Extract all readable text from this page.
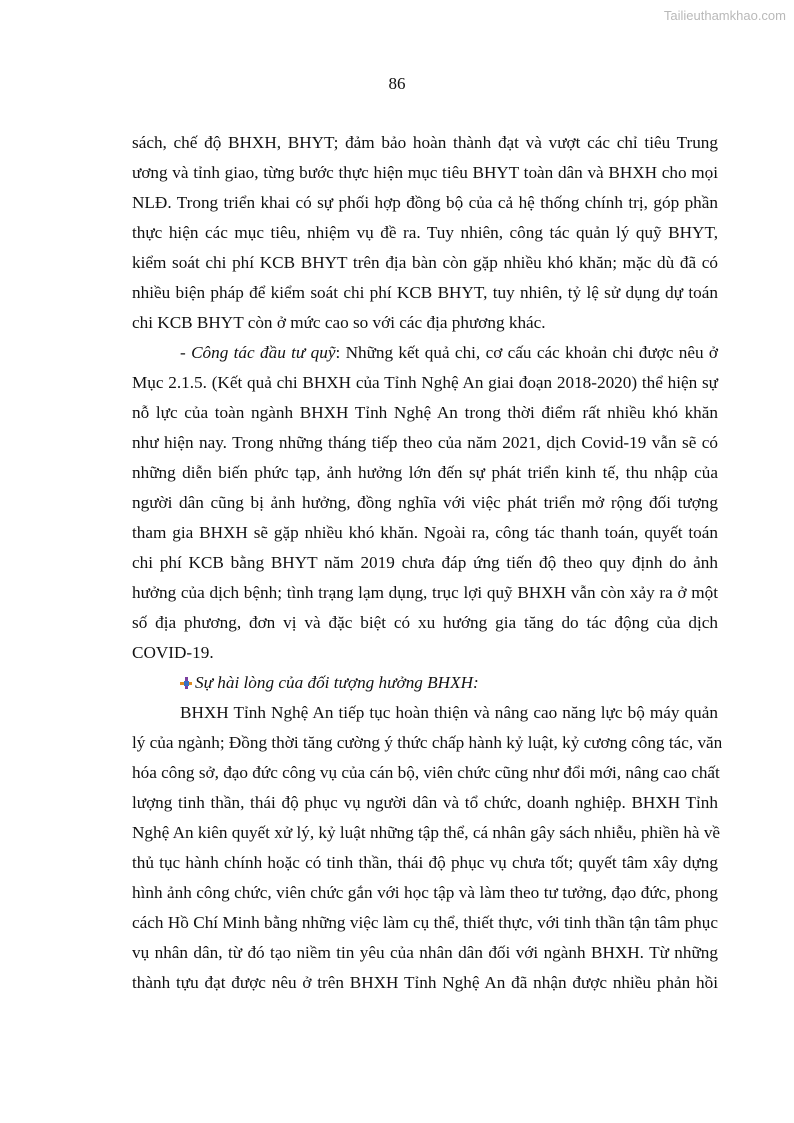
Tailieuthamkhao.com
86
sách, chế độ BHXH, BHYT; đảm bảo hoàn thành đạt và vượt các chỉ tiêu Trung
ương và tỉnh giao, từng bước thực hiện mục tiêu BHYT toàn dân và BHXH cho mọi
NLĐ. Trong triển khai có sự phối hợp đồng bộ của cả hệ thống chính trị, góp phần
thực hiện các mục tiêu, nhiệm vụ đề ra. Tuy nhiên, công tác quản lý quỹ BHYT,
kiểm soát chi phí KCB BHYT trên địa bàn còn gặp nhiều khó khăn; mặc dù đã có
nhiều biện pháp để kiểm soát chi phí KCB BHYT, tuy nhiên, tỷ lệ sử dụng dự toán
chi KCB BHYT còn ở mức cao so với các địa phương khác.
- Công tác đầu tư quỹ: Những kết quả chi, cơ cấu các khoản chi được nêu ở
Mục 2.1.5. (Kết quả chi BHXH của Tỉnh Nghệ An giai đoạn 2018-2020) thể hiện sự
nỗ lực của toàn ngành BHXH Tỉnh Nghệ An trong thời điểm rất nhiều khó khăn
như hiện nay. Trong những tháng tiếp theo của năm 2021, dịch Covid-19 vẫn sẽ có
những diễn biến phức tạp, ảnh hưởng lớn đến sự phát triển kinh tế, thu nhập của
người dân cũng bị ảnh hưởng, đồng nghĩa với việc phát triển mở rộng đối tượng
tham gia BHXH sẽ gặp nhiều khó khăn. Ngoài ra, công tác thanh toán, quyết toán
chi phí KCB bằng BHYT năm 2019 chưa đáp ứng tiến độ theo quy định do ảnh
hưởng của dịch bệnh; tình trạng lạm dụng, trục lợi quỹ BHXH vẫn còn xảy ra ở một
số địa phương, đơn vị và đặc biệt có xu hướng gia tăng do tác động của dịch
COVID-19.
Sự hài lòng của đối tượng hưởng BHXH:
BHXH Tỉnh Nghệ An tiếp tục hoàn thiện và nâng cao năng lực bộ máy quản
lý của ngành; Đồng thời tăng cường ý thức chấp hành kỷ luật, kỷ cương công tác, văn
hóa công sở, đạo đức công vụ của cán bộ, viên chức cũng như đổi mới, nâng cao chất
lượng tinh thần, thái độ phục vụ người dân và tổ chức, doanh nghiệp. BHXH Tỉnh
Nghệ An kiên quyết xử lý, kỷ luật những tập thể, cá nhân gây sách nhiễu, phiền hà về
thủ tục hành chính hoặc có tinh thần, thái độ phục vụ chưa tốt; quyết tâm xây dựng
hình ảnh công chức, viên chức gắn với học tập và làm theo tư tưởng, đạo đức, phong
cách Hồ Chí Minh bằng những việc làm cụ thể, thiết thực, với tinh thần tận tâm phục
vụ nhân dân, từ đó tạo niềm tin yêu của nhân dân đối với ngành BHXH. Từ những
thành tựu đạt được nêu ở trên BHXH Tỉnh Nghệ An đã nhận được nhiều phản hồi
